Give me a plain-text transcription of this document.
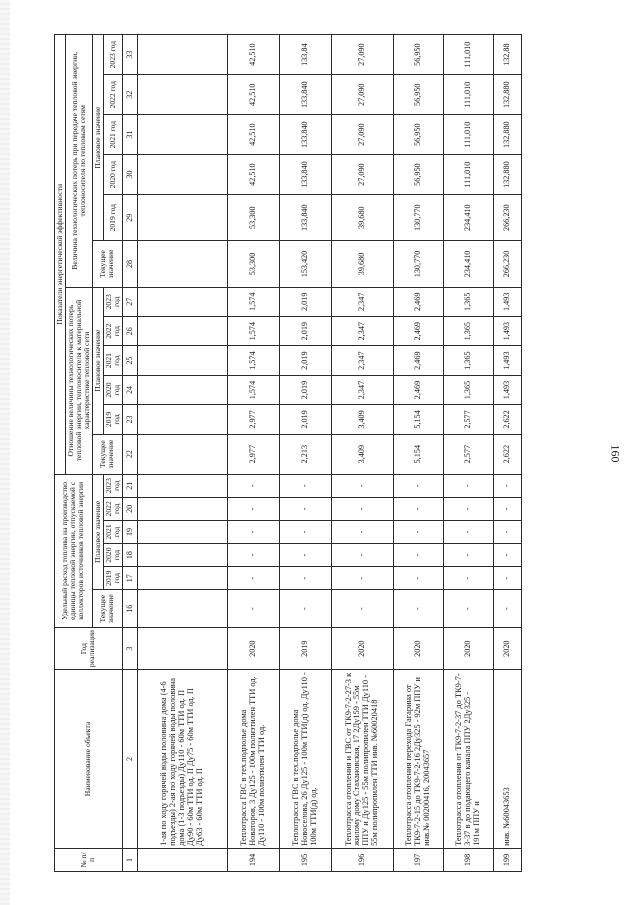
160
№ п/п	Наименование объекта	Год реализации	Удельный расход топлива на производство единицы тепловой энергии, отпускаемой с коллекторов источников тепловой энергии						Показатели энергетической эффективности											
									Отношение величины технологических потерь тепловой энергии, теплоносителя к материальной характеристике тепловой сети						Величина технологических потерь при передаче тепловой энергии, теплоносителя по тепловым сетям					
			Текущее значение	Плановое значение					Текущее значение	Плановое значение					Текущее значение	Плановое значение				
				2019 год	2020 год	2021 год	2022 год	2023 год		2019 год	2020 год	2021 год	2022 год	2023 год		2019 год	2020 год	2021 год	2022 год	2023 год
1	2	3	16	17	18	19	20	21	22	23	24	25	26	27	28	29	30	31	32	33
	1-ая по ходу горячей воды половина дома (4-6 подъезды) 2-ая по ходу горячей воды половина дома (1-3 подъезды) Ду110 - 60м ТТИ од. П Ду90 - 60м ТТИ од. П Ду75 - 60м ТТИ од. П Ду63 - 60м ТТИ од. П																			
194	Теплотрасса ГВС в тех.подполье дома Новаторов, 3 Ду125 - 100м полиэтилен ТТИ од. Ду110 - 100м полиэтилен ТТИ од.	2020	-	-	-	-	-	-	2,977	2,977	1,574	1,574	1,574	1,574	53,300	53,300	42,510	42,510	42,510	42,510
195	Теплотрасса ГВС в тех.подполье дома Новоселова, 26 Ду125 - 100м ТТИ(д) од. Ду110 - 100м ТТИ(д) од.	2019	-	-	-	-	-	-	2,213	2,019	2,019	2,019	2,019	2,019	153,420	133,840	133,840	133,840	133,840	133,84
196	Теплотрасса отопления и ГВС от ТК9-7-2-27-3 к жилому дому Стахановская, 17 2Ду159 - 55м ППУ и Ду125 - 55м полипропилен ТТИ Ду110 - 55м полипропилен ТТИ инв. №60020418	2020	-	-	-	-	-	-	3,409	3,409	2,347	2,347	2,347	2,347	39,680	39,680	27,090	27,090	27,090	27,090
197	Теплотрасса отопления перехода Гагарина от ТК9-7-2-15 до ТК9-7-2-16 2Ду325 - 92м ППУ и инв.№ 00200416, 20043657	2020	-	-	-	-	-	-	5,154	5,154	2,469	2,469	2,469	2,469	130,770	130,770	56,950	56,950	56,950	56,950
198	Теплотрасса отопления от ТК9-7-2-37 до ТК9-7-3-37 в до подающего канала ППУ 2Ду325 - 191м ППУ и	2020	-	-	-	-	-	-	2,577	2,577	1,365	1,365	1,365	1,365	234,410	234,410	111,010	111,010	111,010	111,010
199	инв. №60043653	2020	-	-	-	-	-	-	2,622	2,622	1,493	1,493	1,493	1,493	266,230	266,230	132,880	132,880	132,880	132,88
